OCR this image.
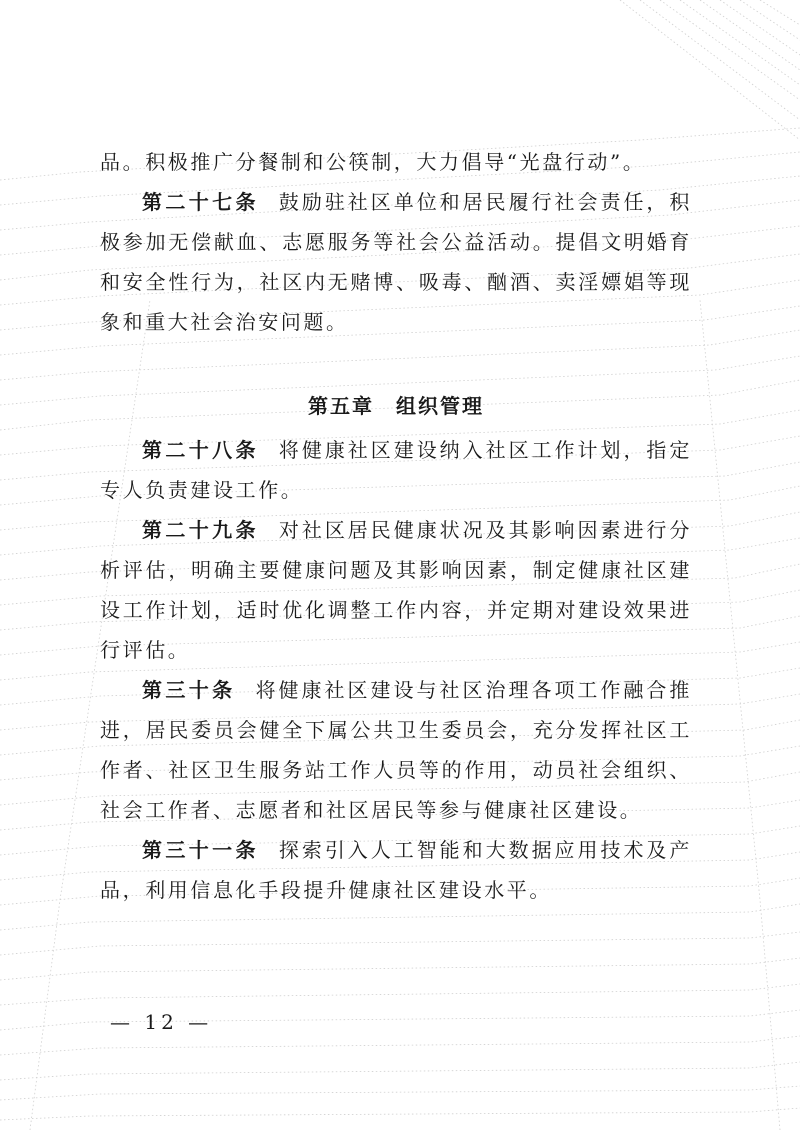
品。积极推广分餐制和公筷制，大力倡导“光盘行动”。

第二十七条 鼓励驻社区单位和居民履行社会责任，积极参加无偿献血、志愿服务等社会公益活动。提倡文明婚育和安全性行为，社区内无赌博、吸毒、酗酒、卖淫嫖娼等现象和重大社会治安问题。

第五章 组织管理

第二十八条 将健康社区建设纳入社区工作计划，指定专人负责建设工作。

第二十九条 对社区居民健康状况及其影响因素进行分析评估，明确主要健康问题及其影响因素，制定健康社区建设工作计划，适时优化调整工作内容，并定期对建设效果进行评估。

第三十条 将健康社区建设与社区治理各项工作融合推进，居民委员会健全下属公共卫生委员会，充分发挥社区工作者、社区卫生服务站工作人员等的作用，动员社会组织、社会工作者、志愿者和社区居民等参与健康社区建设。

第三十一条 探索引入人工智能和大数据应用技术及产品，利用信息化手段提升健康社区建设水平。

— 12 —
